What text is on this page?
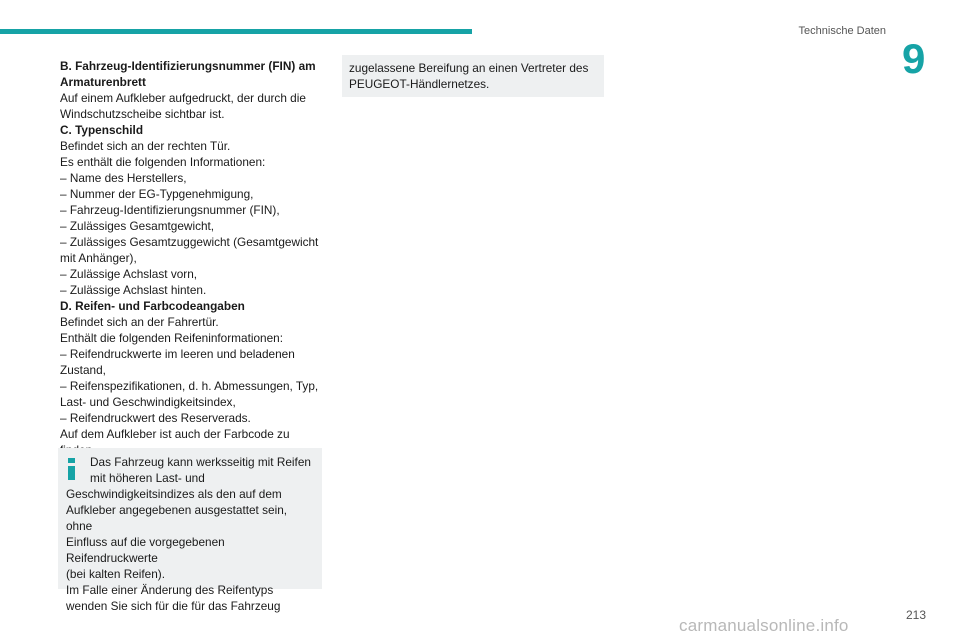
Technische Daten
9

B. Fahrzeug-Identifizierungsnummer (FIN) am

Armaturenbrett

Auf einem Aufkleber aufgedruckt, der durch die

Windschutzscheibe sichtbar ist.

C. Typenschild

Befindet sich an der rechten Tür.

Es enthält die folgenden Informationen:

– Name des Herstellers,

– Nummer der EG-Typgenehmigung,

– Fahrzeug-Identifizierungsnummer (FIN),

– Zulässiges Gesamtgewicht,

– Zulässiges Gesamtzuggewicht (Gesamtgewicht

mit Anhänger),

– Zulässige Achslast vorn,

– Zulässige Achslast hinten.

D. Reifen- und Farbcodeangaben

Befindet sich an der Fahrertür.

Enthält die folgenden Reifeninformationen:

– Reifendruckwerte im leeren und beladenen

Zustand,

– Reifenspezifikationen, d. h. Abmessungen, Typ,

Last- und Geschwindigkeitsindex,

– Reifendruckwert des Reserverads.

Auf dem Aufkleber ist auch der Farbcode zu

Das Fahrzeug kann werksseitig mit Reifen

mit höheren Last- und

Geschwindigkeitsindizes als den auf dem

Aufkleber angegebenen ausgestattet sein, ohne

Einfluss auf die vorgegebenen Reifendruckwerte

(bei kalten Reifen).

Im Falle einer Änderung des Reifentyps

wenden Sie sich für die für das Fahrzeug

zugelassene Bereifung an einen Vertreter des
PEUGEOT-Händlernetzes.

213
carmanualsonline.info
